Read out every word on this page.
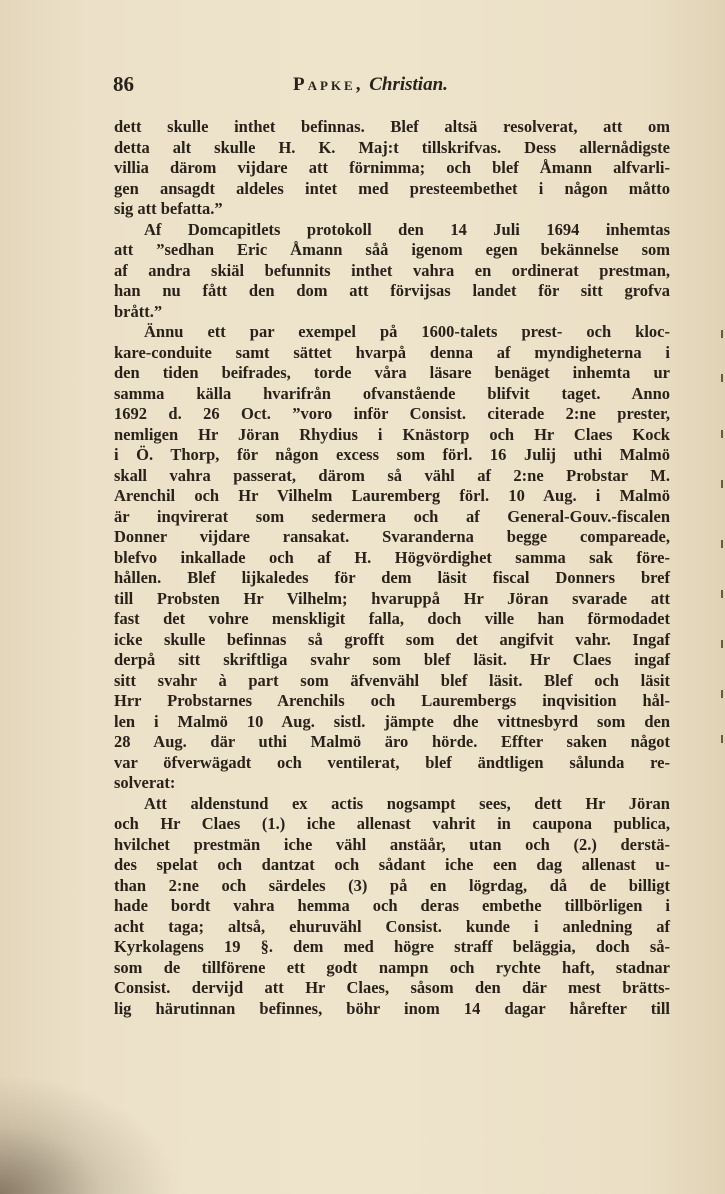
86	Papke, Christian.
dett skulle inthet befinnas. Blef altsä resolverat, att om
detta alt skulle H. K. Maj:t tillskrifvas. Dess allernådigste
villia därom vijdare att förnimma; och blef Åmann alfvarli-
gen ansagdt aldeles intet med presteembethet i någon måtto
sig att befatta.”
Af Domcapitlets protokoll den 14 Juli 1694 inhemtas
att ”sedhan Eric Åmann såå igenom egen bekännelse som
af andra skiäl befunnits inthet vahra en ordinerat prestman,
han nu fått den dom att förvijsas landet för sitt grofva
brått.”
Ännu ett par exempel på 1600-talets prest- och kloc-
kare-conduite samt sättet hvarpå denna af myndigheterna i
den tiden beifrades, torde våra läsare benäget inhemta ur
samma källa hvarifrån ofvanstående blifvit taget. Anno
1692 d. 26 Oct. ”voro inför Consist. citerade 2:ne prester,
nemligen Hr Jöran Rhydius i Knästorp och Hr Claes Kock
i Ö. Thorp, för någon excess som förl. 16 Julij uthi Malmö
skall vahra passerat, därom så vähl af 2:ne Probstar M.
Arenchil och Hr Vilhelm Lauremberg förl. 10 Aug. i Malmö
är inqvirerat som sedermera och af General-Gouv.-fiscalen
Donner vijdare ransakat. Svaranderna begge compareade,
blefvo inkallade och af H. Högvördighet samma sak före-
hållen. Blef lijkaledes för dem läsit fiscal Donners bref
till Probsten Hr Vilhelm; hvaruppå Hr Jöran svarade att
fast det vohre menskligit falla, doch ville han förmodadet
icke skulle befinnas så grofft som det angifvit vahr. Ingaf
derpå sitt skriftliga svahr som blef läsit. Hr Claes ingaf
sitt svahr à part som äfvenvähl blef läsit. Blef och läsit
Hrr Probstarnes Arenchils och Laurembergs inqvisition hål-
len i Malmö 10 Aug. sistl. jämpte dhe vittnesbyrd som den
28 Aug. där uthi Malmö äro hörde. Effter saken något
var öfverwägadt och ventilerat, blef ändtligen sålunda re-
solverat:
Att aldenstund ex actis nogsampt sees, dett Hr Jöran
och Hr Claes (1.) iche allenast vahrit in caupona publica,
hvilchet prestmän iche vähl anstäår, utan och (2.) derstä-
des spelat och dantzat och sådant iche een dag allenast u-
than 2:ne och särdeles (3) på en lögrdag, då de billigt
hade bordt vahra hemma och deras embethe tillbörligen i
acht taga; altså, ehuruvähl Consist. kunde i anledning af
Kyrkolagens 19 §. dem med högre straff beläggia, doch så-
som de tillförene ett godt nampn och rychte haft, stadnar
Consist. dervijd att Hr Claes, såsom den där mest brätts-
lig härutinnan befinnes, böhr inom 14 dagar hårefter till
